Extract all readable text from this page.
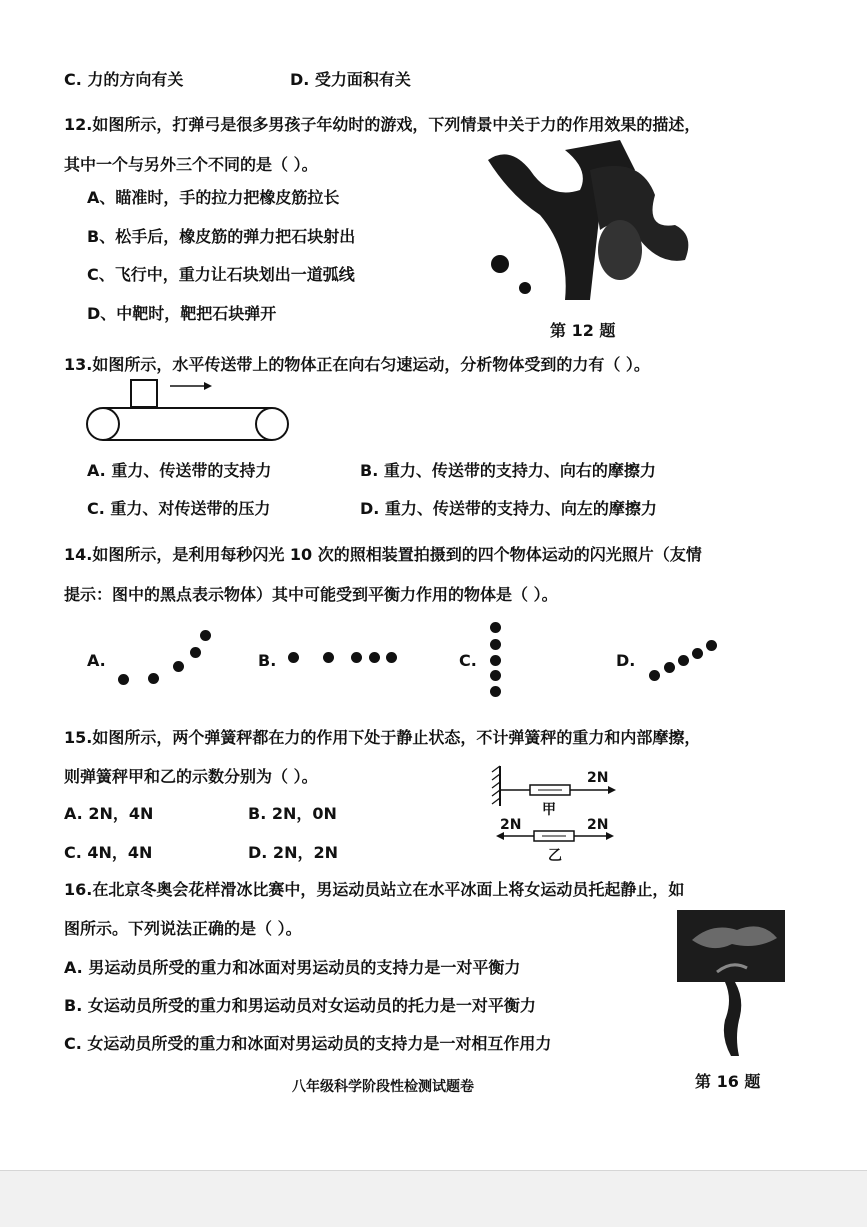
C. 力的方向有关	D. 受力面积有关
12.如图所示，打弹弓是很多男孩子年幼时的游戏，下列情景中关于力的作用效果的描述，
其中一个与另外三个不同的是（ ）。
A、瞄准时，手的拉力把橡皮筋拉长
B、松手后，橡皮筋的弹力把石块射出
C、飞行中，重力让石块划出一道弧线
D、中靶时，靶把石块弹开
第 12 题
13.如图所示，水平传送带上的物体正在向右匀速运动，分析物体受到的力有（ ）。
A. 重力、传送带的支持力	B. 重力、传送带的支持力、向右的摩擦力
C. 重力、对传送带的压力	D. 重力、传送带的支持力、向左的摩擦力
14.如图所示，是利用每秒闪光 10 次的照相装置拍摄到的四个物体运动的闪光照片（友情
提示：图中的黑点表示物体）其中可能受到平衡力作用的物体是（ ）。
A.	B.	C.	D.
15.如图所示，两个弹簧秤都在力的作用下处于静止状态，不计弹簧秤的重力和内部摩擦，
则弹簧秤甲和乙的示数分别为（ ）。
A. 2N，4N	B. 2N，0N
C. 4N，4N	D. 2N，2N
2N
甲
2N	2N
乙
16.在北京冬奥会花样滑冰比赛中，男运动员站立在水平冰面上将女运动员托起静止，如
图所示。下列说法正确的是（ ）。
A. 男运动员所受的重力和冰面对男运动员的支持力是一对平衡力
B. 女运动员所受的重力和男运动员对女运动员的托力是一对平衡力
C. 女运动员所受的重力和冰面对男运动员的支持力是一对相互作用力
第 16 题
八年级科学阶段性检测试题卷
